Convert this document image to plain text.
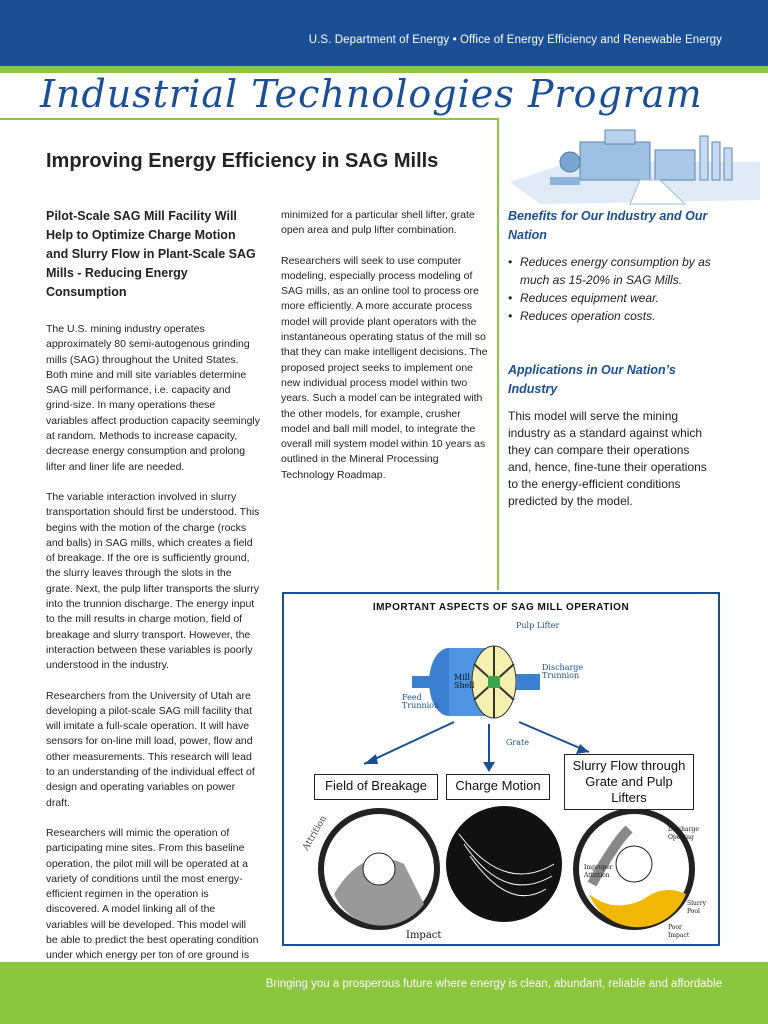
U.S. Department of Energy • Office of Energy Efficiency and Renewable Energy
Industrial Technologies Program
Improving Energy Efficiency in SAG Mills
Pilot-Scale SAG Mill Facility Will Help to Optimize Charge Motion and Slurry Flow in Plant-Scale SAG Mills - Reducing Energy Consumption

The U.S. mining industry operates approximately 80 semi-autogenous grinding mills (SAG) throughout the United States. Both mine and mill site variables determine SAG mill performance, i.e. capacity and grind-size. In many operations these variables affect production capacity seemingly at random. Methods to increase capacity, decrease energy consumption and prolong lifter and liner life are needed.

The variable interaction involved in slurry transportation should first be understood. This begins with the motion of the charge (rocks and balls) in SAG mills, which creates a field of breakage. If the ore is sufficiently ground, the slurry leaves through the slots in the grate. Next, the pulp lifter transports the slurry into the trunnion discharge. The energy input to the mill results in charge motion, field of breakage and slurry transport. However, the interaction between these variables is poorly understood in the industry.

Researchers from the University of Utah are developing a pilot-scale SAG mill facility that will imitate a full-scale operation. It will have sensors for on-line mill load, power, flow and other measurements. This research will lead to an understanding of the individual effect of design and operating variables on power draft.

Researchers will mimic the operation of participating mine sites. From this baseline operation, the pilot mill will be operated at a variety of conditions until the most energy-efficient regimen in the operation is discovered. A model linking all of the variables will be developed. This model will be able to predict the best operating condition under which energy per ton of ore ground is

minimized for a particular shell lifter, grate open area and pulp lifter combination.

Researchers will seek to use computer modeling, especially process modeling of SAG mills, as an online tool to process ore more efficiently. A more accurate process model will provide plant operators with the instantaneous operating status of the mill so that they can make intelligent decisions. The proposed project seeks to implement one new individual process model within two years. Such a model can be integrated with the other models, for example, crusher model and ball mill model, to integrate the overall mill system model within 10 years as outlined in the Mineral Processing Technology Roadmap.

Benefits for Our Industry and Our Nation
• Reduces energy consumption by as much as 15-20% in SAG Mills.
• Reduces equipment wear.
• Reduces operation costs.
Applications in Our Nation’s Industry
This model will serve the mining industry as a standard against which they can compare their operations and, hence, fine-tune their operations to the energy-efficient conditions predicted by the model.
IMPORTANT ASPECTS OF SAG MILL OPERATION
Pulp Lifter
Discharge Trunnion
Mill Shell
Feed Trunnion
Grate
Field of Breakage	Charge Motion
Slurry Flow through Grate and Pulp Lifters
Attrition
Impact
Discharge Opening
Improper Attrition
Slurry Pool
Poor Impact
Bringing you a prosperous future where energy is clean, abundant, reliable and affordable
